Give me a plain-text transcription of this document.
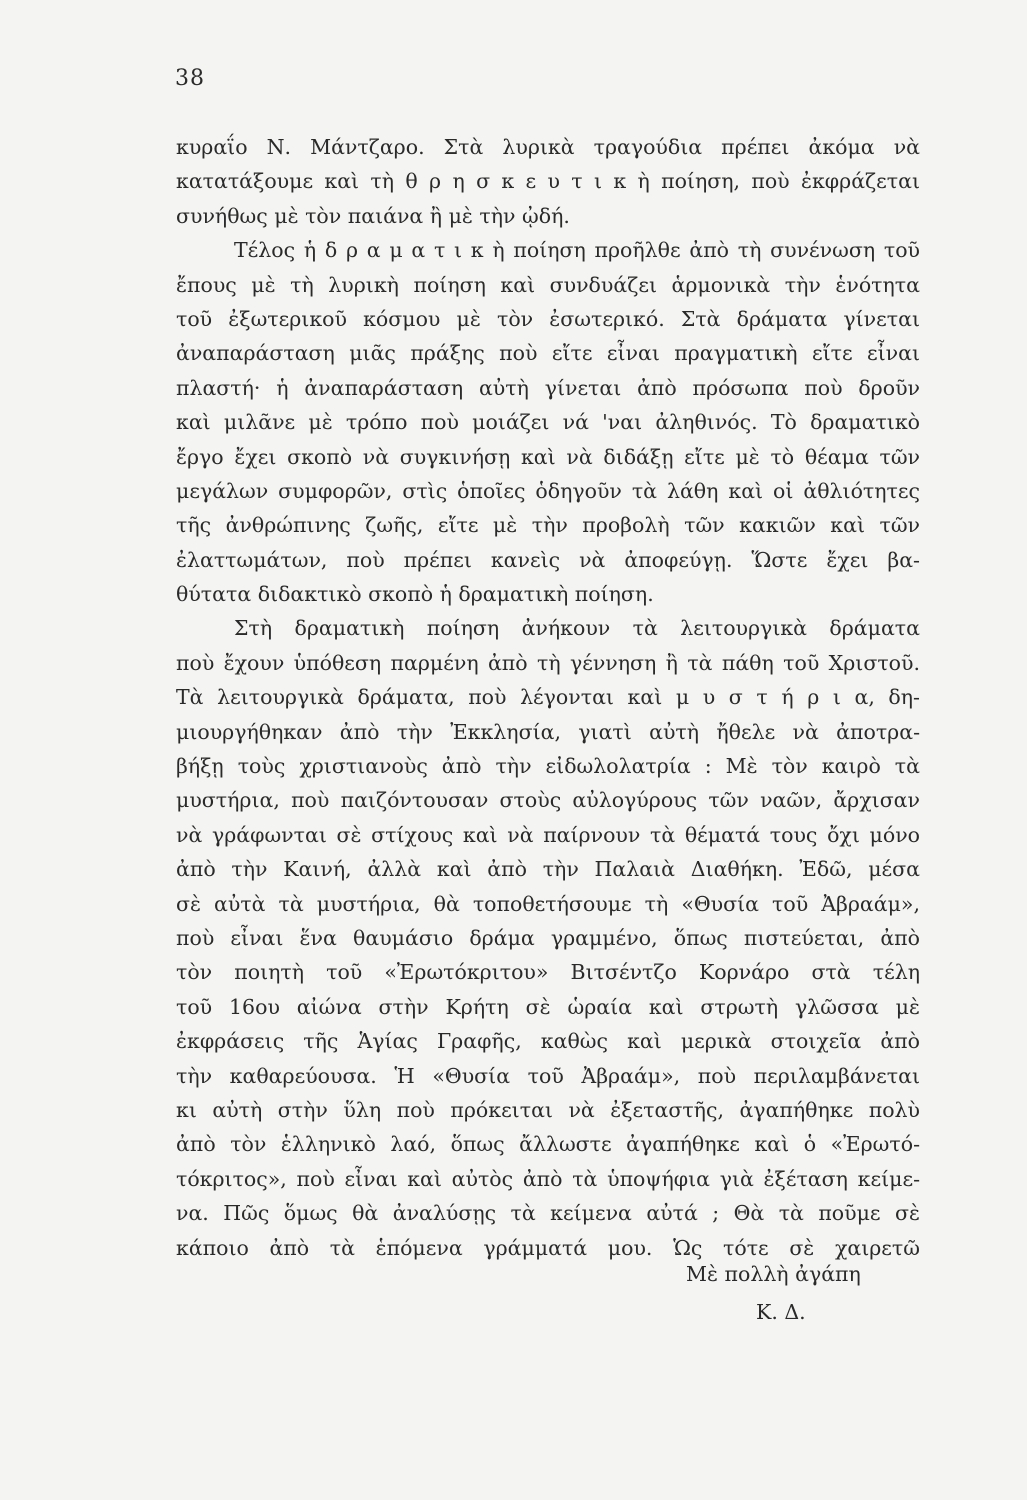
38
κυραΐο Ν. Μάντζαρο. Στὰ λυρικὰ τραγούδια πρέπει ἀκόμα νὰ
κατατάξουμε καὶ τὴ θ ρ η σ κ ε υ τ ι κ ὴ ποίηση, ποὺ ἐκφράζεται
συνήθως μὲ τὸν παιάνα ἢ μὲ τὴν ᾠδή.
Τέλος ἡ δ ρ α μ α τ ι κ ὴ ποίηση προῆλθε ἀπὸ τὴ συνένωση τοῦ
ἔπους μὲ τὴ λυρικὴ ποίηση καὶ συνδυάζει ἁρμονικὰ τὴν ἑνότητα
τοῦ ἐξωτερικοῦ κόσμου μὲ τὸν ἐσωτερικό. Στὰ δράματα γίνεται
ἀναπαράσταση μιᾶς πράξης ποὺ εἴτε εἶναι πραγματικὴ εἴτε εἶναι
πλαστή· ἡ ἀναπαράσταση αὐτὴ γίνεται ἀπὸ πρόσωπα ποὺ δροῦν
καὶ μιλᾶνε μὲ τρόπο ποὺ μοιάζει νά 'ναι ἀληθινός. Τὸ δραματικὸ
ἔργο ἔχει σκοπὸ νὰ συγκινήσῃ καὶ νὰ διδάξῃ εἴτε μὲ τὸ θέαμα τῶν
μεγάλων συμφορῶν, στὶς ὁποῖες ὁδηγοῦν τὰ λάθη καὶ οἱ ἀθλιότητες
τῆς ἀνθρώπινης ζωῆς, εἴτε μὲ τὴν προβολὴ τῶν κακιῶν καὶ τῶν
ἐλαττωμάτων, ποὺ πρέπει κανεὶς νὰ ἀποφεύγῃ. Ὥστε ἔχει βα-
θύτατα διδακτικὸ σκοπὸ ἡ δραματικὴ ποίηση.
Στὴ δραματικὴ ποίηση ἀνήκουν τὰ λειτουργικὰ δράματα
ποὺ ἔχουν ὑπόθεση παρμένη ἀπὸ τὴ γέννηση ἢ τὰ πάθη τοῦ Χριστοῦ.
Τὰ λειτουργικὰ δράματα, ποὺ λέγονται καὶ μ υ σ τ ή ρ ι α, δη-
μιουργήθηκαν ἀπὸ τὴν Ἐκκλησία, γιατὶ αὐτὴ ἤθελε νὰ ἀποτρα-
βήξῃ τοὺς χριστιανοὺς ἀπὸ τὴν εἰδωλολατρία : Μὲ τὸν καιρὸ τὰ
μυστήρια, ποὺ παιζόντουσαν στοὺς αὐλογύρους τῶν ναῶν, ἄρχισαν
νὰ γράφωνται σὲ στίχους καὶ νὰ παίρνουν τὰ θέματά τους ὄχι μόνο
ἀπὸ τὴν Καινή, ἀλλὰ καὶ ἀπὸ τὴν Παλαιὰ Διαθήκη. Ἐδῶ, μέσα
σὲ αὐτὰ τὰ μυστήρια, θὰ τοποθετήσουμε τὴ «Θυσία τοῦ Ἀβραάμ»,
ποὺ εἶναι ἕνα θαυμάσιο δράμα γραμμένο, ὅπως πιστεύεται, ἀπὸ
τὸν ποιητὴ τοῦ «Ἐρωτόκριτου» Βιτσέντζο Κορνάρο στὰ τέλη
τοῦ 16ου αἰώνα στὴν Κρήτη σὲ ὡραία καὶ στρωτὴ γλῶσσα μὲ
ἐκφράσεις τῆς Ἁγίας Γραφῆς, καθὼς καὶ μερικὰ στοιχεῖα ἀπὸ
τὴν καθαρεύουσα. Ἡ «Θυσία τοῦ Ἀβραάμ», ποὺ περιλαμβάνεται
κι αὐτὴ στὴν ὕλη ποὺ πρόκειται νὰ ἐξεταστῆς, ἀγαπήθηκε πολὺ
ἀπὸ τὸν ἑλληνικὸ λαό, ὅπως ἄλλωστε ἀγαπήθηκε καὶ ὁ «Ἐρωτό-
τόκριτος», ποὺ εἶναι καὶ αὐτὸς ἀπὸ τὰ ὑποψήφια γιὰ ἐξέταση κείμε-
να. Πῶς ὅμως θὰ ἀναλύσῃς τὰ κείμενα αὐτά ; Θὰ τὰ ποῦμε σὲ
κάποιο ἀπὸ τὰ ἑπόμενα γράμματά μου. Ὡς τότε σὲ χαιρετῶ
Μὲ πολλὴ ἀγάπη
Κ. Δ.
